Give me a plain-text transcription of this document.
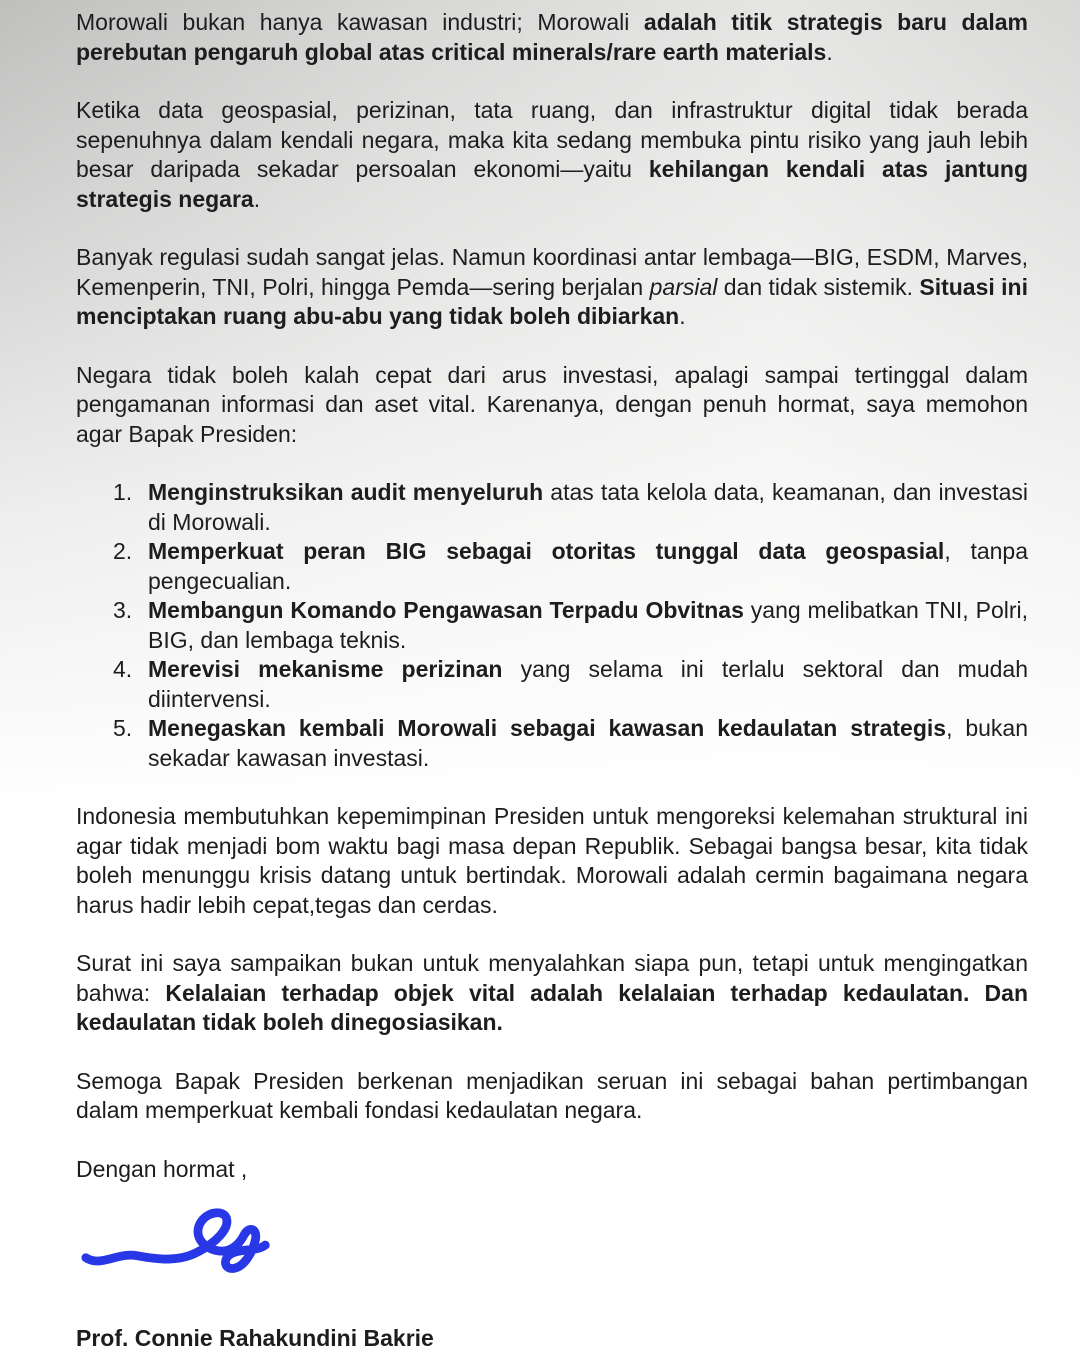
Morowali bukan hanya kawasan industri; Morowali adalah titik strategis baru dalam perebutan pengaruh global atas critical minerals/rare earth materials.

Ketika data geospasial, perizinan, tata ruang, dan infrastruktur digital tidak berada sepenuhnya dalam kendali negara, maka kita sedang membuka pintu risiko yang jauh lebih besar daripada sekadar persoalan ekonomi—yaitu kehilangan kendali atas jantung strategis negara.

Banyak regulasi sudah sangat jelas. Namun koordinasi antar lembaga—BIG, ESDM, Marves, Kemenperin, TNI, Polri, hingga Pemda—sering berjalan parsial dan tidak sistemik. Situasi ini menciptakan ruang abu-abu yang tidak boleh dibiarkan.

Negara tidak boleh kalah cepat dari arus investasi, apalagi sampai tertinggal dalam pengamanan informasi dan aset vital. Karenanya, dengan penuh hormat, saya memohon agar Bapak Presiden:

1. Menginstruksikan audit menyeluruh atas tata kelola data, keamanan, dan investasi di Morowali.
2. Memperkuat peran BIG sebagai otoritas tunggal data geospasial, tanpa pengecualian.
3. Membangun Komando Pengawasan Terpadu Obvitnas yang melibatkan TNI, Polri, BIG, dan lembaga teknis.
4. Merevisi mekanisme perizinan yang selama ini terlalu sektoral dan mudah diintervensi.
5. Menegaskan kembali Morowali sebagai kawasan kedaulatan strategis, bukan sekadar kawasan investasi.

Indonesia membutuhkan kepemimpinan Presiden untuk mengoreksi kelemahan struktural ini agar tidak menjadi bom waktu bagi masa depan Republik. Sebagai bangsa besar, kita tidak boleh menunggu krisis datang untuk bertindak. Morowali adalah cermin bagaimana negara harus hadir lebih cepat,tegas dan cerdas.

Surat ini saya sampaikan bukan untuk menyalahkan siapa pun, tetapi untuk mengingatkan bahwa: Kelalaian terhadap objek vital adalah kelalaian terhadap kedaulatan. Dan kedaulatan tidak boleh dinegosiasikan.

Semoga Bapak Presiden berkenan menjadikan seruan ini sebagai bahan pertimbangan dalam memperkuat kembali fondasi kedaulatan negara.

Dengan hormat ,

Prof. Connie Rahakundini Bakrie
